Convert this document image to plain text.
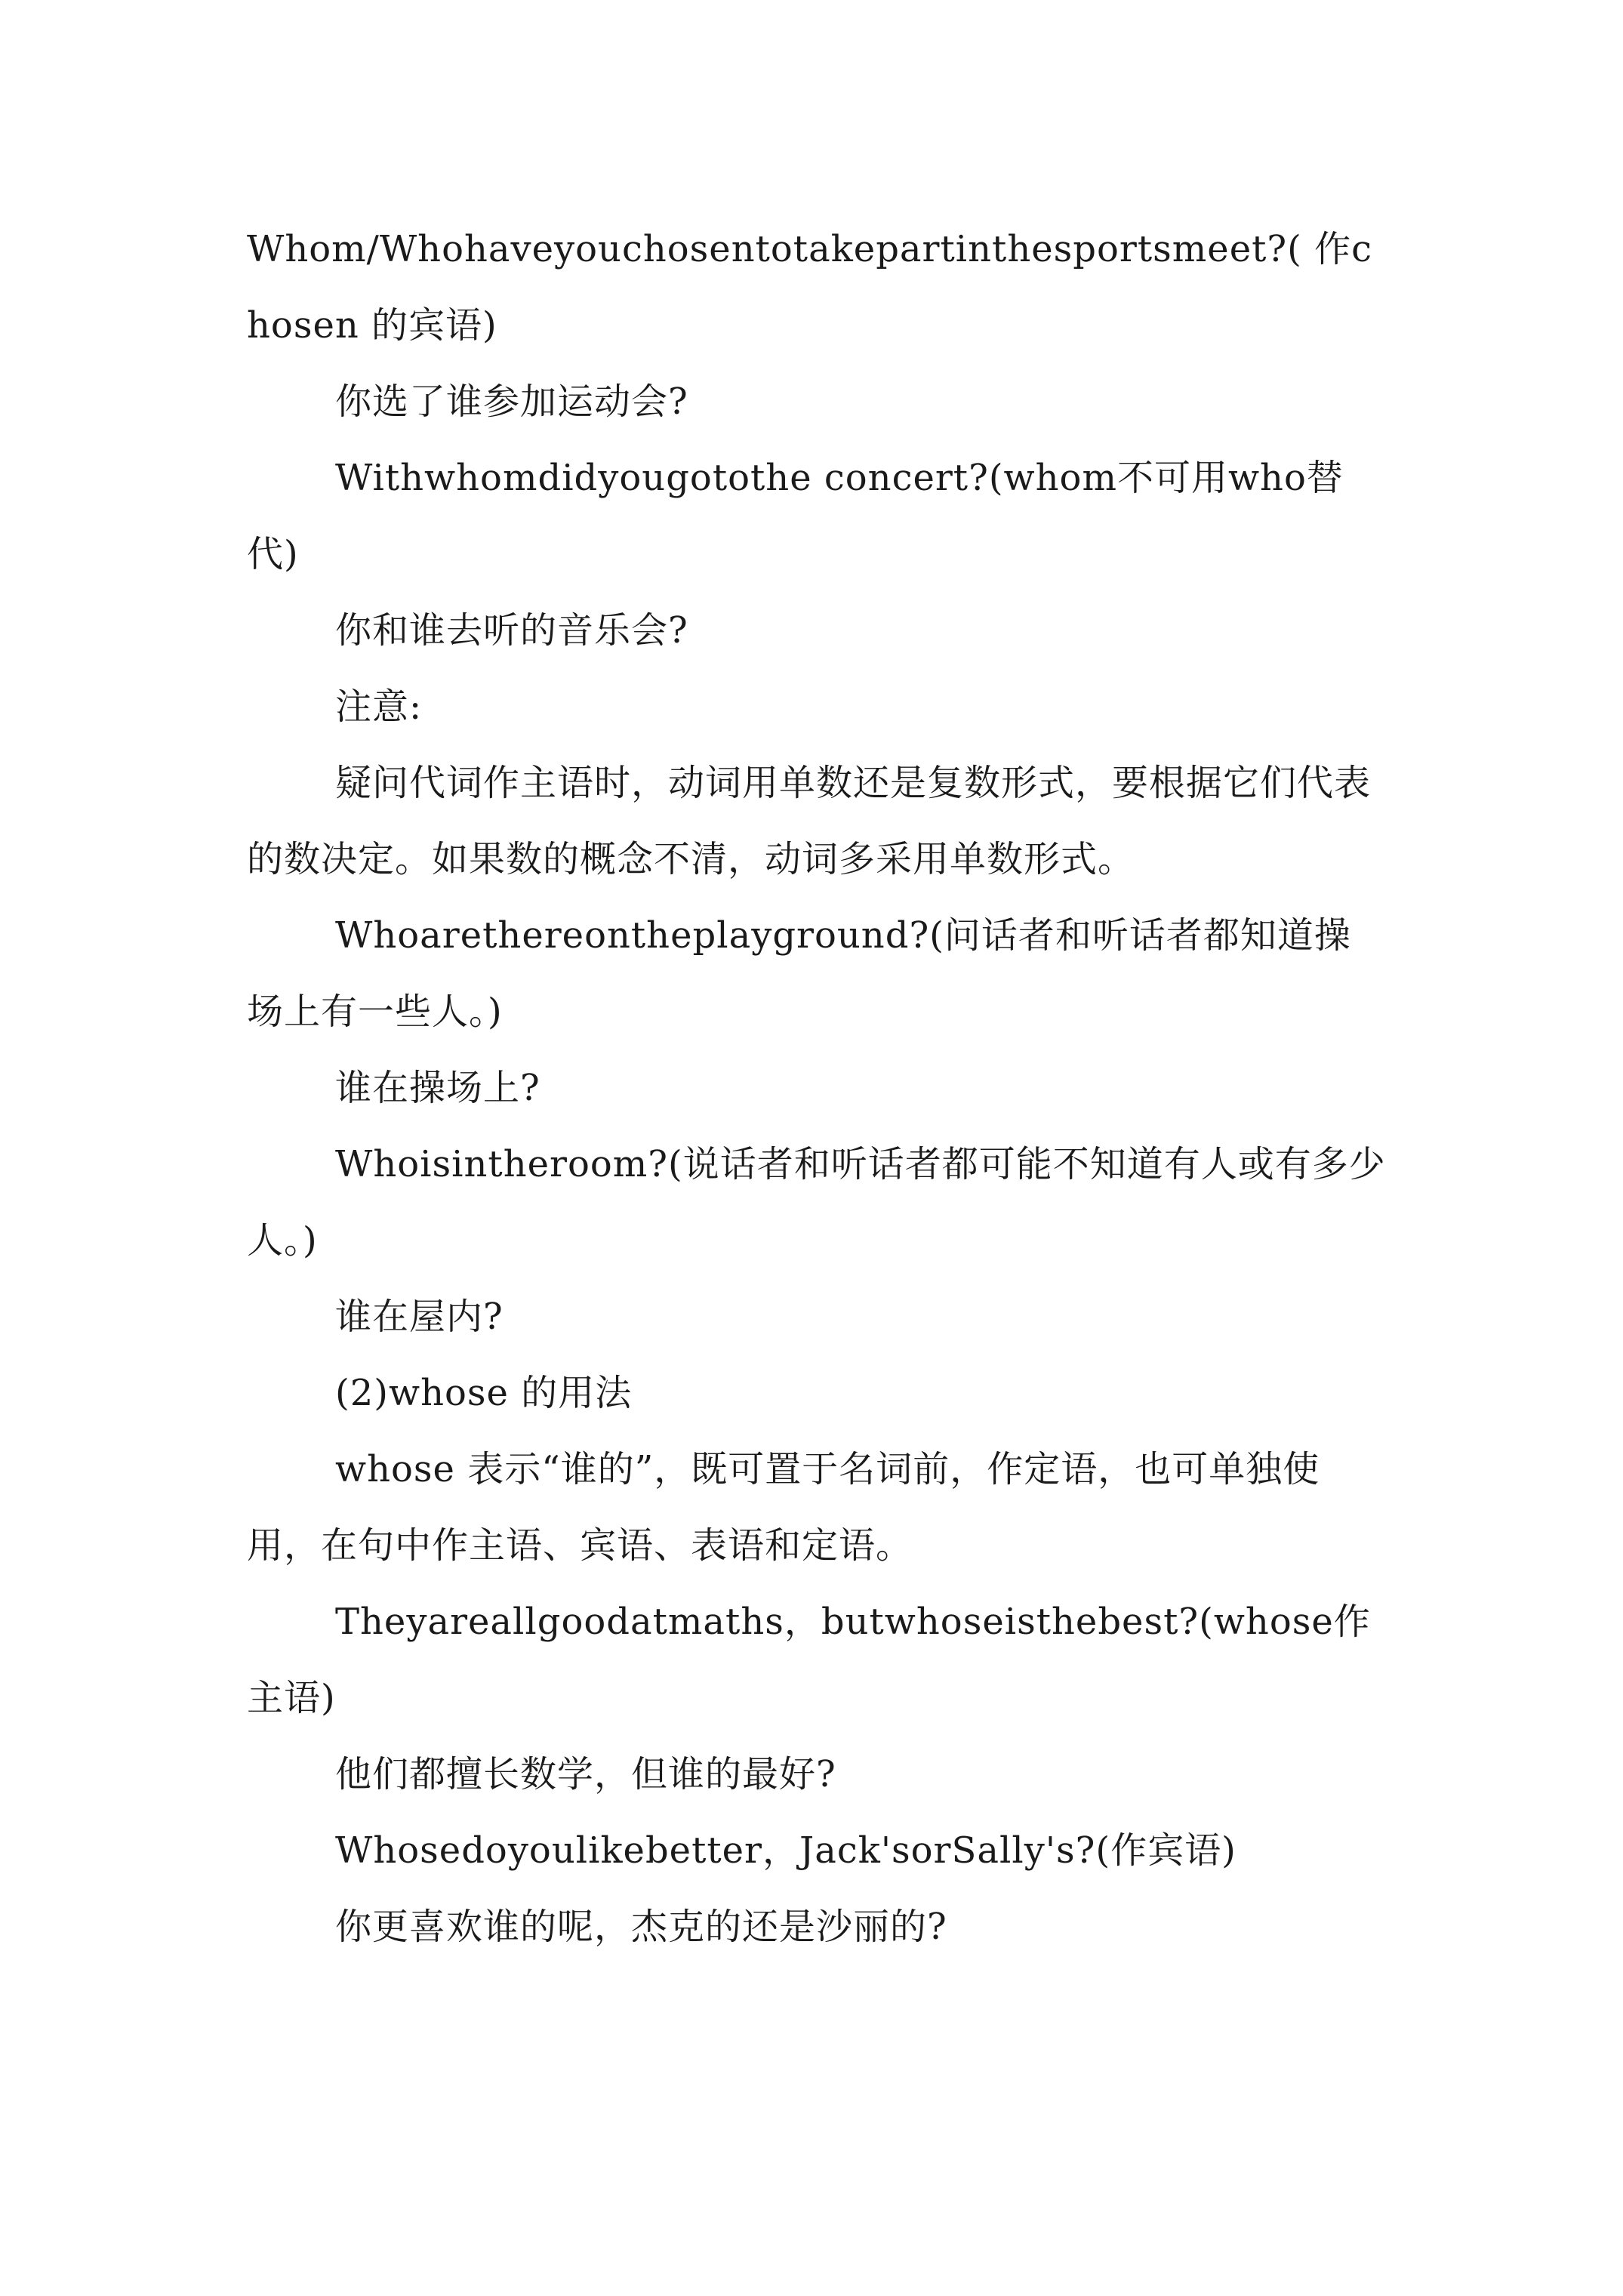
Whom/Whohaveyouchosentotakepartinthesportsmeet?( 作chosen 的宾语)

你选了谁参加运动会?

Withwhomdidyougotothe concert?(whom不可用who替代)

你和谁去听的音乐会?

注意:

疑问代词作主语时，动词用单数还是复数形式，要根据它们代表的数决定。如果数的概念不清，动词多采用单数形式。

Whoarethereontheplayground?(问话者和听话者都知道操场上有一些人。)

谁在操场上?

Whoisintheroom?(说话者和听话者都可能不知道有人或有多少人。)

谁在屋内?

(2)whose 的用法

whose 表示“谁的”，既可置于名词前，作定语，也可单独使用，在句中作主语、宾语、表语和定语。

Theyareallgoodatmaths，butwhoseisthebest?(whose作主语)

他们都擅长数学，但谁的最好?

Whosedoyoulikebetter，Jack'sorSally's?(作宾语)

你更喜欢谁的呢，杰克的还是沙丽的?
